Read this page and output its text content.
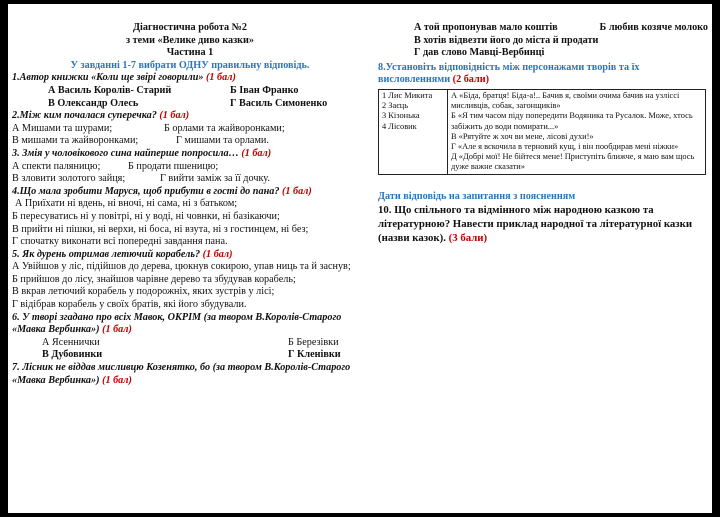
Діагностична робота №2
з теми «Велике диво казки»
Частина 1
У завданні 1-7 вибрати ОДНУ правильну відповідь.
1.Автор книжки «Коли ще звірі говорили» (1 бал)
А Василь Королів- Старий	Б Іван Франко
В Олександр Олесь	Г Василь Симоненко
2.Між ким почалася суперечка? (1 бал)
А Мишами та шурами;	Б орлами та жайворонками;
В мишами та жайворонками;	Г мишами та орлами.
3. Змія у чоловікового сина найперше попросила… (1 бал)
А спекти паляницю;	Б продати пшеницю;
В зловити золотого зайця;	Г вийти заміж за її дочку.
4.Що мала зробити Маруся, щоб прибути в гості до пана? (1 бал)
А Приїхати ні вдень, ні вночі, ні сама, ні з батьком;
Б пересуватись ні у повітрі, ні у воді, ні човнки, ні базікаючи;
В прийти ні пішки, ні верхи, ні боса, ні взута, ні з гостинцем, ні без;
Г спочатку виконати всі попередні завдання пана.
5. Як дурень отримав летючий корабель? (1 бал)
А Увійшов у ліс, підійшов до дерева, цюкнув сокирою, упав ниць та й заснув;
Б прийшов до лісу, знайшов чарівне дерево та збудував корабель;
В вкрав летючий корабель у подорожніх, яких зустрів у лісі;
Г відібрав корабель у своїх братів, які його збудували.
6. У творі згадано про всіх Мавок, ОКРІМ (за твором В.Королів-Старого «Мавка Вербинка») (1 бал)
А Ясеннички	Б Березівки
В Дубовинки	Г Кленівки
7. Лісник не віддав мисливцю Козенятко, бо (за твором В.Королів-Старого «Мавка Вербинка») (1 бал)
А той пропонував мало коштів	Б любив козяче молоко
В хотів відвезти його до міста й продати
Г дав слово Мавці-Вербинці
8.Установіть відповідність між персонажами творів та їх висловленнями (2 бали)
1 Лис Микита
2 Заєць
3 Кізонька
4 Лісовик

А «Біда, братця! Біда-а!.. Бачив я, своїми очима бачив на узліссі мисливців, собак, загонщиків»
Б «Я тим часом піду попередити Водяника та Русалок. Може, хтось забіжить до води помирати...»
В «Рятуйте ж хоч ви мене, лісові духи!»
Г «Але я вскочила в терновий кущ, і він пообдирав мені ніжки»
Д «Добрі мої! Не бійтеся мене! Приступіть ближче, я маю вам щось дуже важне сказати»
Дати відповідь на запитання з поясненням
10. Що спільного та відмінного між народною казкою та літературною? Навести приклад народної та літературної казки (назви казок). (3 бали)
